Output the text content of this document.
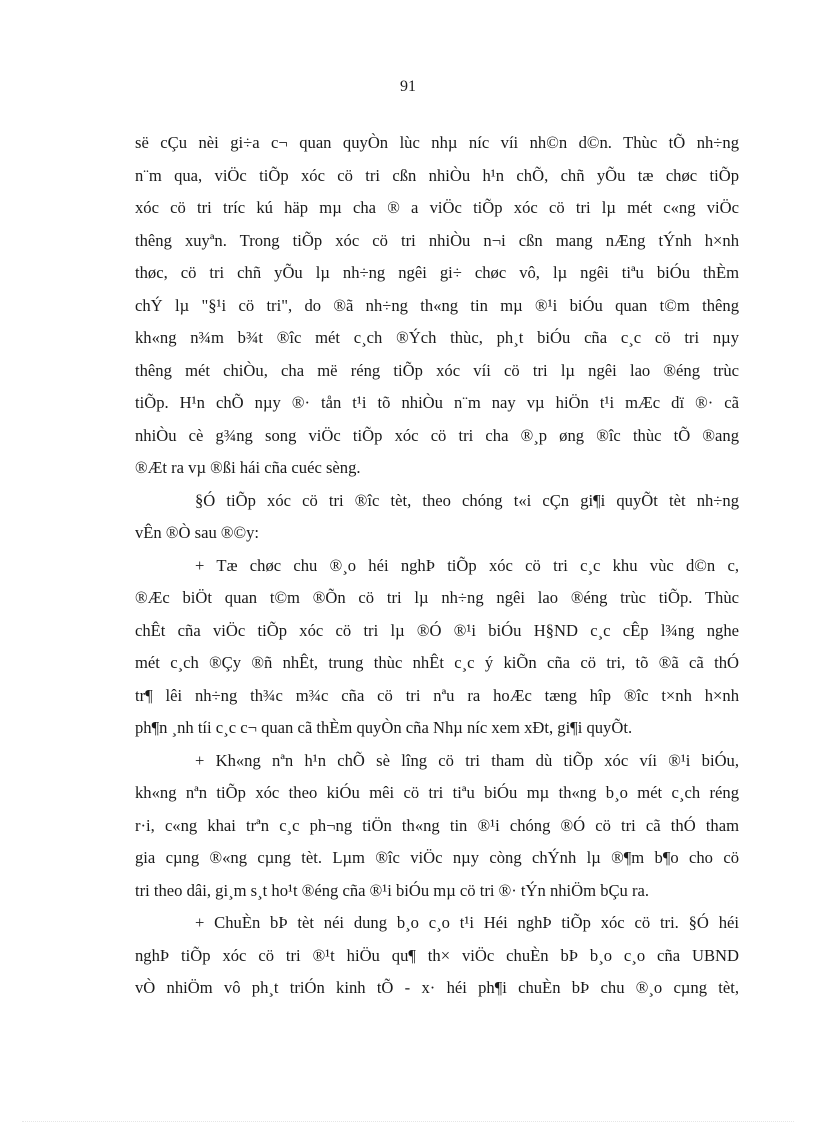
91
së cÇu nèi gi÷a c¬ quan quyÒn lùc nhµ níc víi nh©n d©n. Thùc tÕ nh÷ng
n¨m qua, viÖc tiÕp xóc cö tri cßn nhiÒu h¹n chÕ, chñ yÕu tæ chøc tiÕp
xóc cö tri tríc kú häp mµ cha ® a viÖc tiÕp xóc cö tri lµ mét c«ng viÖc
thêng xuyªn. Trong tiÕp xóc cö tri nhiÒu n¬i cßn mang nÆng tÝnh h×nh
thøc, cö tri chñ yÕu lµ nh÷ng ngêi gi÷ chøc vô, lµ ngêi tiªu biÓu thÈm
chÝ lµ "§¹i cö tri", do ®ã nh÷ng th«ng tin mµ ®¹i biÓu quan t©m thêng
kh«ng n¾m b¾t ®îc mét c¸ch ®Ých thùc, ph¸t biÓu cña c¸c cö tri nµy
thêng mét chiÒu, cha më réng tiÕp xóc víi cö tri lµ ngêi lao ®éng trùc
tiÕp. H¹n chÕ nµy ®· tån t¹i tõ nhiÒu n¨m nay vµ hiÖn t¹i mÆc dï ®· cã
nhiÒu cè g¾ng song viÖc tiÕp xóc cö tri cha ®¸p øng ®îc thùc tÕ ®ang
®Æt ra vµ ®ßi hái cña cuéc sèng.
§Ó tiÕp xóc cö tri ®îc tèt, theo chóng t«i cÇn gi¶i quyÕt tèt nh÷ng
vÊn ®Ò sau ®©y:
+ Tæ chøc chu ®¸o héi nghÞ tiÕp xóc cö tri c¸c khu vùc d©n c,
®Æc biÖt quan t©m ®Õn cö tri lµ nh÷ng ngêi lao ®éng trùc tiÕp. Thùc
chÊt cña viÖc tiÕp xóc cö tri lµ ®Ó ®¹i biÓu H§ND c¸c cÊp l¾ng nghe
mét c¸ch ®Çy ®ñ nhÊt, trung thùc nhÊt c¸c ý kiÕn cña cö tri, tõ ®ã cã thÓ
tr¶ lêi nh÷ng th¾c m¾c cña cö tri nªu ra hoÆc tæng hîp ®îc t×nh h×nh
ph¶n ¸nh tíi c¸c c¬ quan cã thÈm quyÒn cña Nhµ níc xem xÐt, gi¶i quyÕt.
+ Kh«ng nªn h¹n chÕ sè lîng cö tri tham dù tiÕp xóc víi ®¹i biÓu,
kh«ng nªn tiÕp xóc theo kiÓu mêi cö tri tiªu biÓu mµ th«ng b¸o mét c¸ch réng
r·i, c«ng khai trªn c¸c ph¬ng tiÖn th«ng tin ®¹i chóng ®Ó cö tri cã thÓ tham
gia cµng ®«ng cµng tèt. Lµm ®îc viÖc nµy còng chÝnh lµ ®¶m b¶o cho cö
tri theo dâi, gi¸m s¸t ho¹t ®éng cña ®¹i biÓu mµ cö tri ®· tÝn nhiÖm bÇu ra.
+ ChuÈn bÞ tèt néi dung b¸o c¸o t¹i Héi nghÞ tiÕp xóc cö tri. §Ó héi
nghÞ tiÕp xóc cö tri ®¹t hiÖu qu¶ th× viÖc chuÈn bÞ b¸o c¸o cña UBND
vÒ nhiÖm vô ph¸t triÓn kinh tÕ - x· héi ph¶i chuÈn bÞ chu ®¸o cµng tèt,
